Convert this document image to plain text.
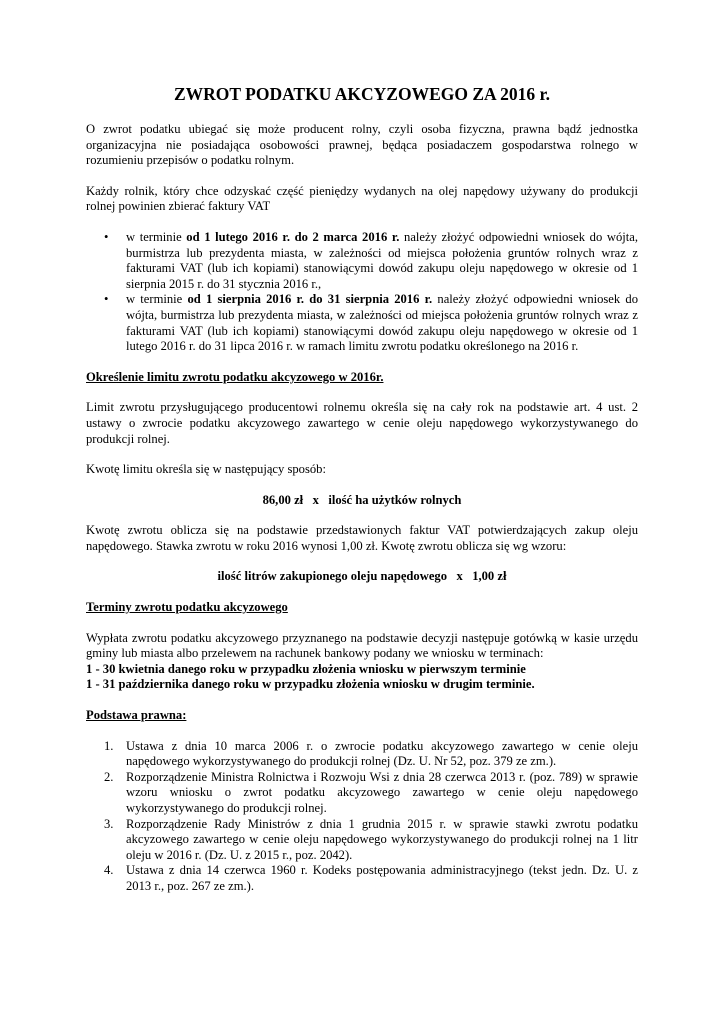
ZWROT PODATKU AKCYZOWEGO ZA 2016 r.

O zwrot podatku ubiegać się może producent rolny, czyli osoba fizyczna, prawna bądź jednostka organizacyjna nie posiadająca osobowości prawnej, będąca posiadaczem gospodarstwa rolnego w rozumieniu przepisów o podatku rolnym.

Każdy rolnik, który chce odzyskać część pieniędzy wydanych na olej napędowy używany do produkcji rolnej powinien zbierać faktury VAT

• w terminie od 1 lutego 2016 r. do 2 marca 2016 r. należy złożyć odpowiedni wniosek do wójta, burmistrza lub prezydenta miasta, w zależności od miejsca położenia gruntów rolnych wraz z fakturami VAT (lub ich kopiami) stanowiącymi dowód zakupu oleju napędowego w okresie od 1 sierpnia 2015 r. do 31 stycznia 2016 r.,
• w terminie od 1 sierpnia 2016 r. do 31 sierpnia 2016 r. należy złożyć odpowiedni wniosek do wójta, burmistrza lub prezydenta miasta, w zależności od miejsca położenia gruntów rolnych wraz z fakturami VAT (lub ich kopiami) stanowiącymi dowód zakupu oleju napędowego w okresie od 1 lutego 2016 r. do 31 lipca 2016 r. w ramach limitu zwrotu podatku określonego na 2016 r.

Określenie limitu zwrotu podatku akcyzowego w 2016r.

Limit zwrotu przysługującego producentowi rolnemu określa się na cały rok na podstawie art. 4 ust. 2 ustawy o zwrocie podatku akcyzowego zawartego w cenie oleju napędowego wykorzystywanego do produkcji rolnej.

Kwotę limitu określa się w następujący sposób:

86,00 zł   x   ilość ha użytków rolnych

Kwotę zwrotu oblicza się na podstawie przedstawionych faktur VAT potwierdzających zakup oleju napędowego. Stawka zwrotu w roku 2016 wynosi 1,00 zł. Kwotę zwrotu oblicza się wg wzoru:

ilość litrów zakupionego oleju napędowego   x   1,00 zł

Terminy zwrotu podatku akcyzowego

Wypłata zwrotu podatku akcyzowego przyznanego na podstawie decyzji następuje gotówką w kasie urzędu gminy lub miasta albo przelewem na rachunek bankowy podany we wniosku w terminach:

1 - 30 kwietnia danego roku w przypadku złożenia wniosku w pierwszym terminie

1 - 31 października danego roku w przypadku złożenia wniosku w drugim terminie.

Podstawa prawna:

1. Ustawa z dnia 10 marca 2006 r. o zwrocie podatku akcyzowego zawartego w cenie oleju napędowego wykorzystywanego do produkcji rolnej (Dz. U. Nr 52, poz. 379 ze zm.).
2. Rozporządzenie Ministra Rolnictwa i Rozwoju Wsi z dnia 28 czerwca 2013 r. (poz. 789) w sprawie wzoru wniosku o zwrot podatku akcyzowego zawartego w cenie oleju napędowego wykorzystywanego do produkcji rolnej.
3. Rozporządzenie Rady Ministrów z dnia 1 grudnia 2015 r. w sprawie stawki zwrotu podatku akcyzowego zawartego w cenie oleju napędowego wykorzystywanego do produkcji rolnej na 1 litr oleju w 2016 r. (Dz. U. z 2015 r., poz. 2042).
4. Ustawa z dnia 14 czerwca 1960 r. Kodeks postępowania administracyjnego (tekst jedn. Dz. U. z 2013 r., poz. 267 ze zm.).
